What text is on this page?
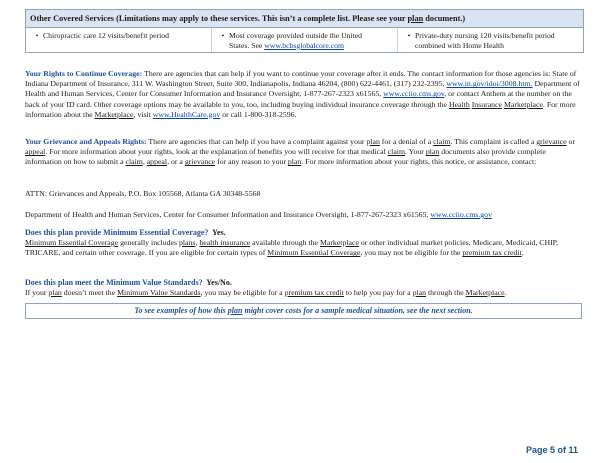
Other Covered Services (Limitations may apply to these services. This isn’t a complete list. Please see your plan document.)
• Chiropractic care 12 visits/benefit period	• Most coverage provided outside the United
States. See www.bcbsglobalcore.com
• Private-duty nursing 120 visits/benefit period
combined with Home Health

Your Rights to Continue Coverage: There are agencies that can help if you want to continue your coverage after it ends. The contact information for those agencies is: State of Indiana Department of Insurance, 311 W. Washington Street, Suite 300, Indianapolis, Indiana 46204, (800) 622-4461, (317) 232-2395, www.in.gov/idoi/3008.htm. Department of Health and Human Services, Center for Consumer Information and Insurance Oversight, 1-877-267-2323 x61565, www.cciio.cms.gov, or contact Anthem at the number on the back of your ID card. Other coverage options may be available to you, too, including buying individual insurance coverage through the Health Insurance Marketplace. For more information about the Marketplace, visit www.HealthCare.gov or call 1-800-318-2596.

Your Grievance and Appeals Rights: There are agencies that can help if you have a complaint against your plan for a denial of a claim. This complaint is called a grievance or appeal. For more information about your rights, look at the explanation of benefits you will receive for that medical claim. Your plan documents also provide complete information on how to submit a claim, appeal, or a grievance for any reason to your plan. For more information about your rights, this notice, or assistance, contact:

ATTN: Grievances and Appeals, P.O. Box 105568, Atlanta GA 30348-5568

Department of Health and Human Services, Center for Consumer Information and Insurance Oversight, 1-877-267-2323 x61565, www.cciio.cms.gov

Does this plan provide Minimum Essential Coverage? Yes.

Minimum Essential Coverage generally includes plans, health insurance available through the Marketplace or other individual market policies, Medicare, Medicaid, CHIP, TRICARE, and certain other coverage. If you are eligible for certain types of Minimum Essential Coverage, you may not be eligible for the premium tax credit.

Does this plan meet the Minimum Value Standards? Yes/No.

If your plan doesn’t meet the Minimum Value Standards, you may be eligible for a premium tax credit to help you pay for a plan through the Marketplace.

To see examples of how this plan might cover costs for a sample medical situation, see the next section.
Page 5 of 11
